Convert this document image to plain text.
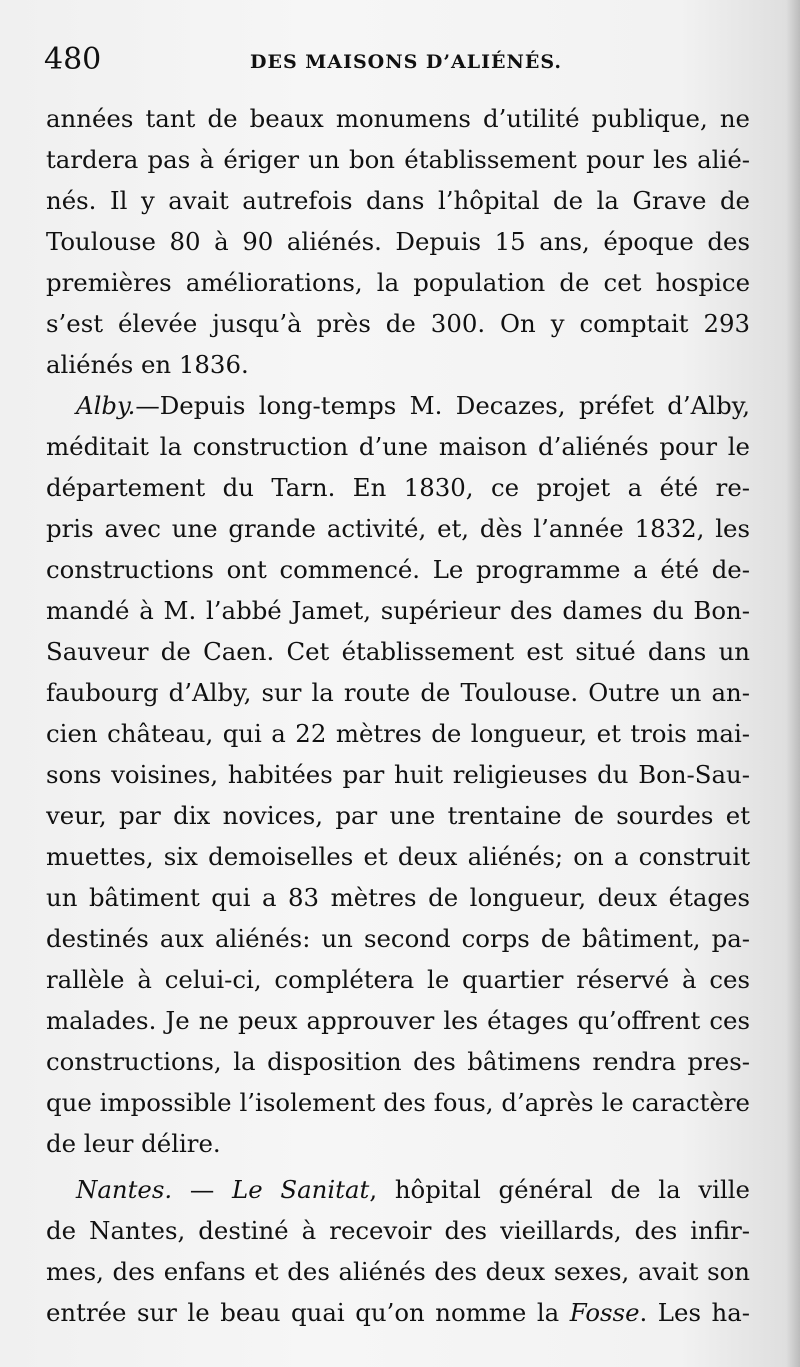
480	DES MAISONS D’ALIÉNÉS.
années tant de beaux monumens d’utilité publique, ne
tardera pas à ériger un bon établissement pour les alié-
nés. Il y avait autrefois dans l’hôpital de la Grave de
Toulouse 80 à 90 aliénés. Depuis 15 ans, époque des
premières améliorations, la population de cet hospice
s’est élevée jusqu’à près de 300. On y comptait 293
aliénés en 1836.
Alby.—Depuis long-temps M. Decazes, préfet d’Alby,
méditait la construction d’une maison d’aliénés pour le
département du Tarn. En 1830, ce projet a été re-
pris avec une grande activité, et, dès l’année 1832, les
constructions ont commencé. Le programme a été de-
mandé à M. l’abbé Jamet, supérieur des dames du Bon-
Sauveur de Caen. Cet établissement est situé dans un
faubourg d’Alby, sur la route de Toulouse. Outre un an-
cien château, qui a 22 mètres de longueur, et trois mai-
sons voisines, habitées par huit religieuses du Bon-Sau-
veur, par dix novices, par une trentaine de sourdes et
muettes, six demoiselles et deux aliénés; on a construit
un bâtiment qui a 83 mètres de longueur, deux étages
destinés aux aliénés: un second corps de bâtiment, pa-
rallèle à celui-ci, complétera le quartier réservé à ces
malades. Je ne peux approuver les étages qu’offrent ces
constructions, la disposition des bâtimens rendra pres-
que impossible l’isolement des fous, d’après le caractère
de leur délire.
Nantes. — Le Sanitat, hôpital général de la ville
de Nantes, destiné à recevoir des vieillards, des infir-
mes, des enfans et des aliénés des deux sexes, avait son
entrée sur le beau quai qu’on nomme la Fosse. Les ha-
